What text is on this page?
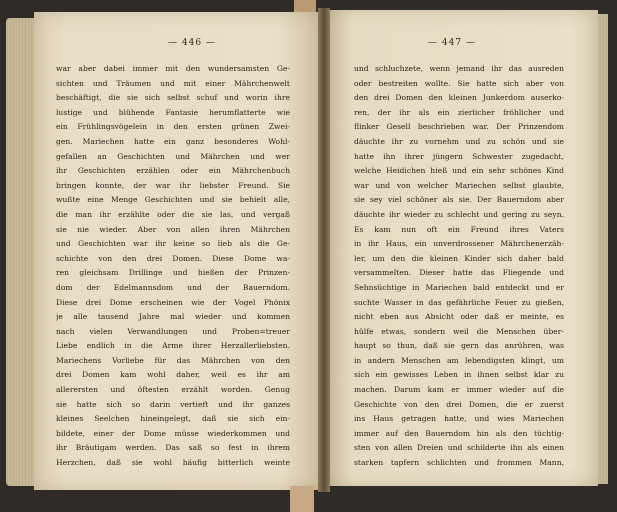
— 446 —	— 447 —
war aber dabei immer mit den wundersamsten Ge-
sichten und Träumen und mit einer Mährchenwelt
beschäftigt, die sie sich selbst schuf und worin ihre
lustige und blühende Fantasie herumflatterte wie
ein Frühlingsvögelein in den ersten grünen Zwei-
gen. Mariechen hatte ein ganz besonderes Wohl-
gefallen an Geschichten und Mährchen und wer
ihr Geschichten erzählen oder ein Mährchenbuch
bringen konnte, der war ihr liebster Freund. Sie
wußte eine Menge Geschichten und sie behielt alle,
die man ihr erzählte oder die sie las, und vergaß
sie nie wieder. Aber von allen ihren Mährchen
und Geschichten war ihr keine so lieb als die Ge-
schichte von den drei Domen. Diese Dome wa-
ren gleichsam Drillinge und hießen der Prinzen-
dom der Edelmannsdom und der Bauerndom.
Diese drei Dome erscheinen wie der Vogel Phönix
je alle tausend Jahre mal wieder und kommen
nach vielen Verwandlungen und Proben=treuer
Liebe endlich in die Arme ihrer Herzallerliebsten.
Mariechens Vorliebe für das Mährchen von den
drei Domen kam wohl daher, weil es ihr am
allerersten und öftesten erzählt worden. Genug
sie hatte sich so darin vertieft und ihr ganzes
kleines Seelchen hineingelegt, daß sie sich ein-
bildete, einer der Dome müsse wiederkommen und
ihr Bräutigam werden. Das saß so fest in ihrem
Herzchen, daß sie wohl häufig bitterlich weinte
und schluchzete, wenn jemand ihr das ausreden
oder bestreiten wollte. Sie hatte sich aber von
den drei Domen den kleinen Junkerdom auserko-
ren, der ihr als ein zierlicher fröhlicher und
flinker Gesell beschrieben war. Der Prinzendom
däuchte ihr zu vornehm und zu schön und sie
hatte ihn ihrer jüngern Schwester zugedacht,
welche Heidichen hieß und ein sehr schönes Kind
war und von welcher Mariechen selbst glaubte,
sie sey viel schöner als sie. Der Bauerndom aber
däuchte ihr wieder zu schlecht und gering zu seyn.
Es kam nun oft ein Freund ihres Vaters
in ihr Haus, ein unverdrossener Mährchenerzäh-
ler, um den die kleinen Kinder sich daher bald
versammelten. Dieser hatte das Fliegende und
Sehnsüchtige in Mariechen bald entdeckt und er
suchte Wasser in das gefährliche Feuer zu gießen,
nicht eben aus Absicht oder daß er meinte, es
hülfe etwas, sondern weil die Menschen über-
haupt so thun, daß sie gern das anrühren, was
in andern Menschen am lebendigsten klingt, um
sich ein gewisses Leben in ihnen selbst klar zu
machen. Darum kam er immer wieder auf die
Geschichte von den drei Domen, die er zuerst
ins Haus getragen hatte, und wies Mariechen
immer auf den Bauerndom hin als den tüchtig-
sten von allen Dreien und schilderte ihn als einen
starken tapfern schlichten und frommen Mann,
